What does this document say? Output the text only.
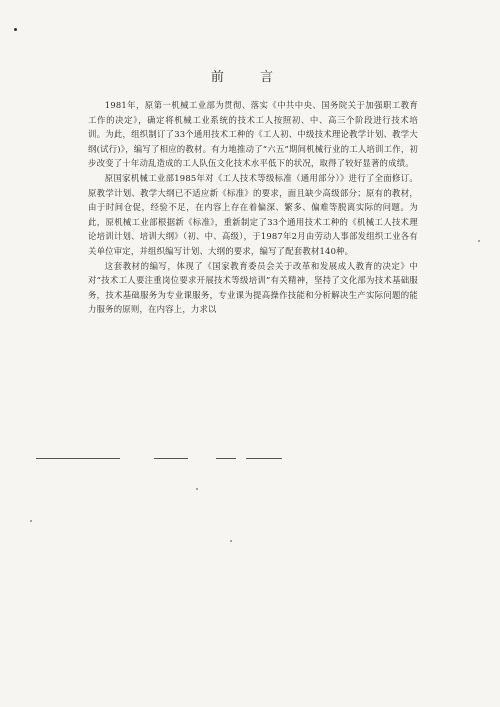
前 言

1981年，原第一机械工业部为贯彻、落实《中共中央、国务院关于加强职工教育工作的决定》，确定将机械工业系统的技术工人按照初、中、高三个阶段进行技术培训。为此，组织制订了33个通用技术工种的《工人初、中级技术理论教学计划、教学大纲(试行)》，编写了相应的教材。有力地推动了“六五”期间机械行业的工人培训工作，初步改变了十年动乱造成的工人队伍文化技术水平低下的状况，取得了较好显著的成绩。

原国家机械工业部1985年对《工人技术等级标准（通用部分）》进行了全面修订。原教学计划、教学大纲已不适应新《标准》的要求，面且缺少高级部分；原有的教材，由于时间仓促，经验不足，在内容上存在着偏深、繁多、偏难等脱离实际的问题。为此，原机械工业部根据新《标准》，重新制定了33个通用技术工种的《机械工人技术理论培训计划、培训大纲》（初、中、高级），于1987年2月由劳动人事部发组织工业各有关单位审定，并组织编写计划、大纲的要求，编写了配套教材140种。

这套教材的编写，体现了《国家教育委员会关于改革和发展成人教育的决定》中对“技术工人要注重岗位要求开展技术等级培训”有关精神，坚持了文化部为技术基础服务，技术基础服务为专业课服务，专业课为提高操作技能和分析解决生产实际问题的能力服务的原则，在内容上，力求以
